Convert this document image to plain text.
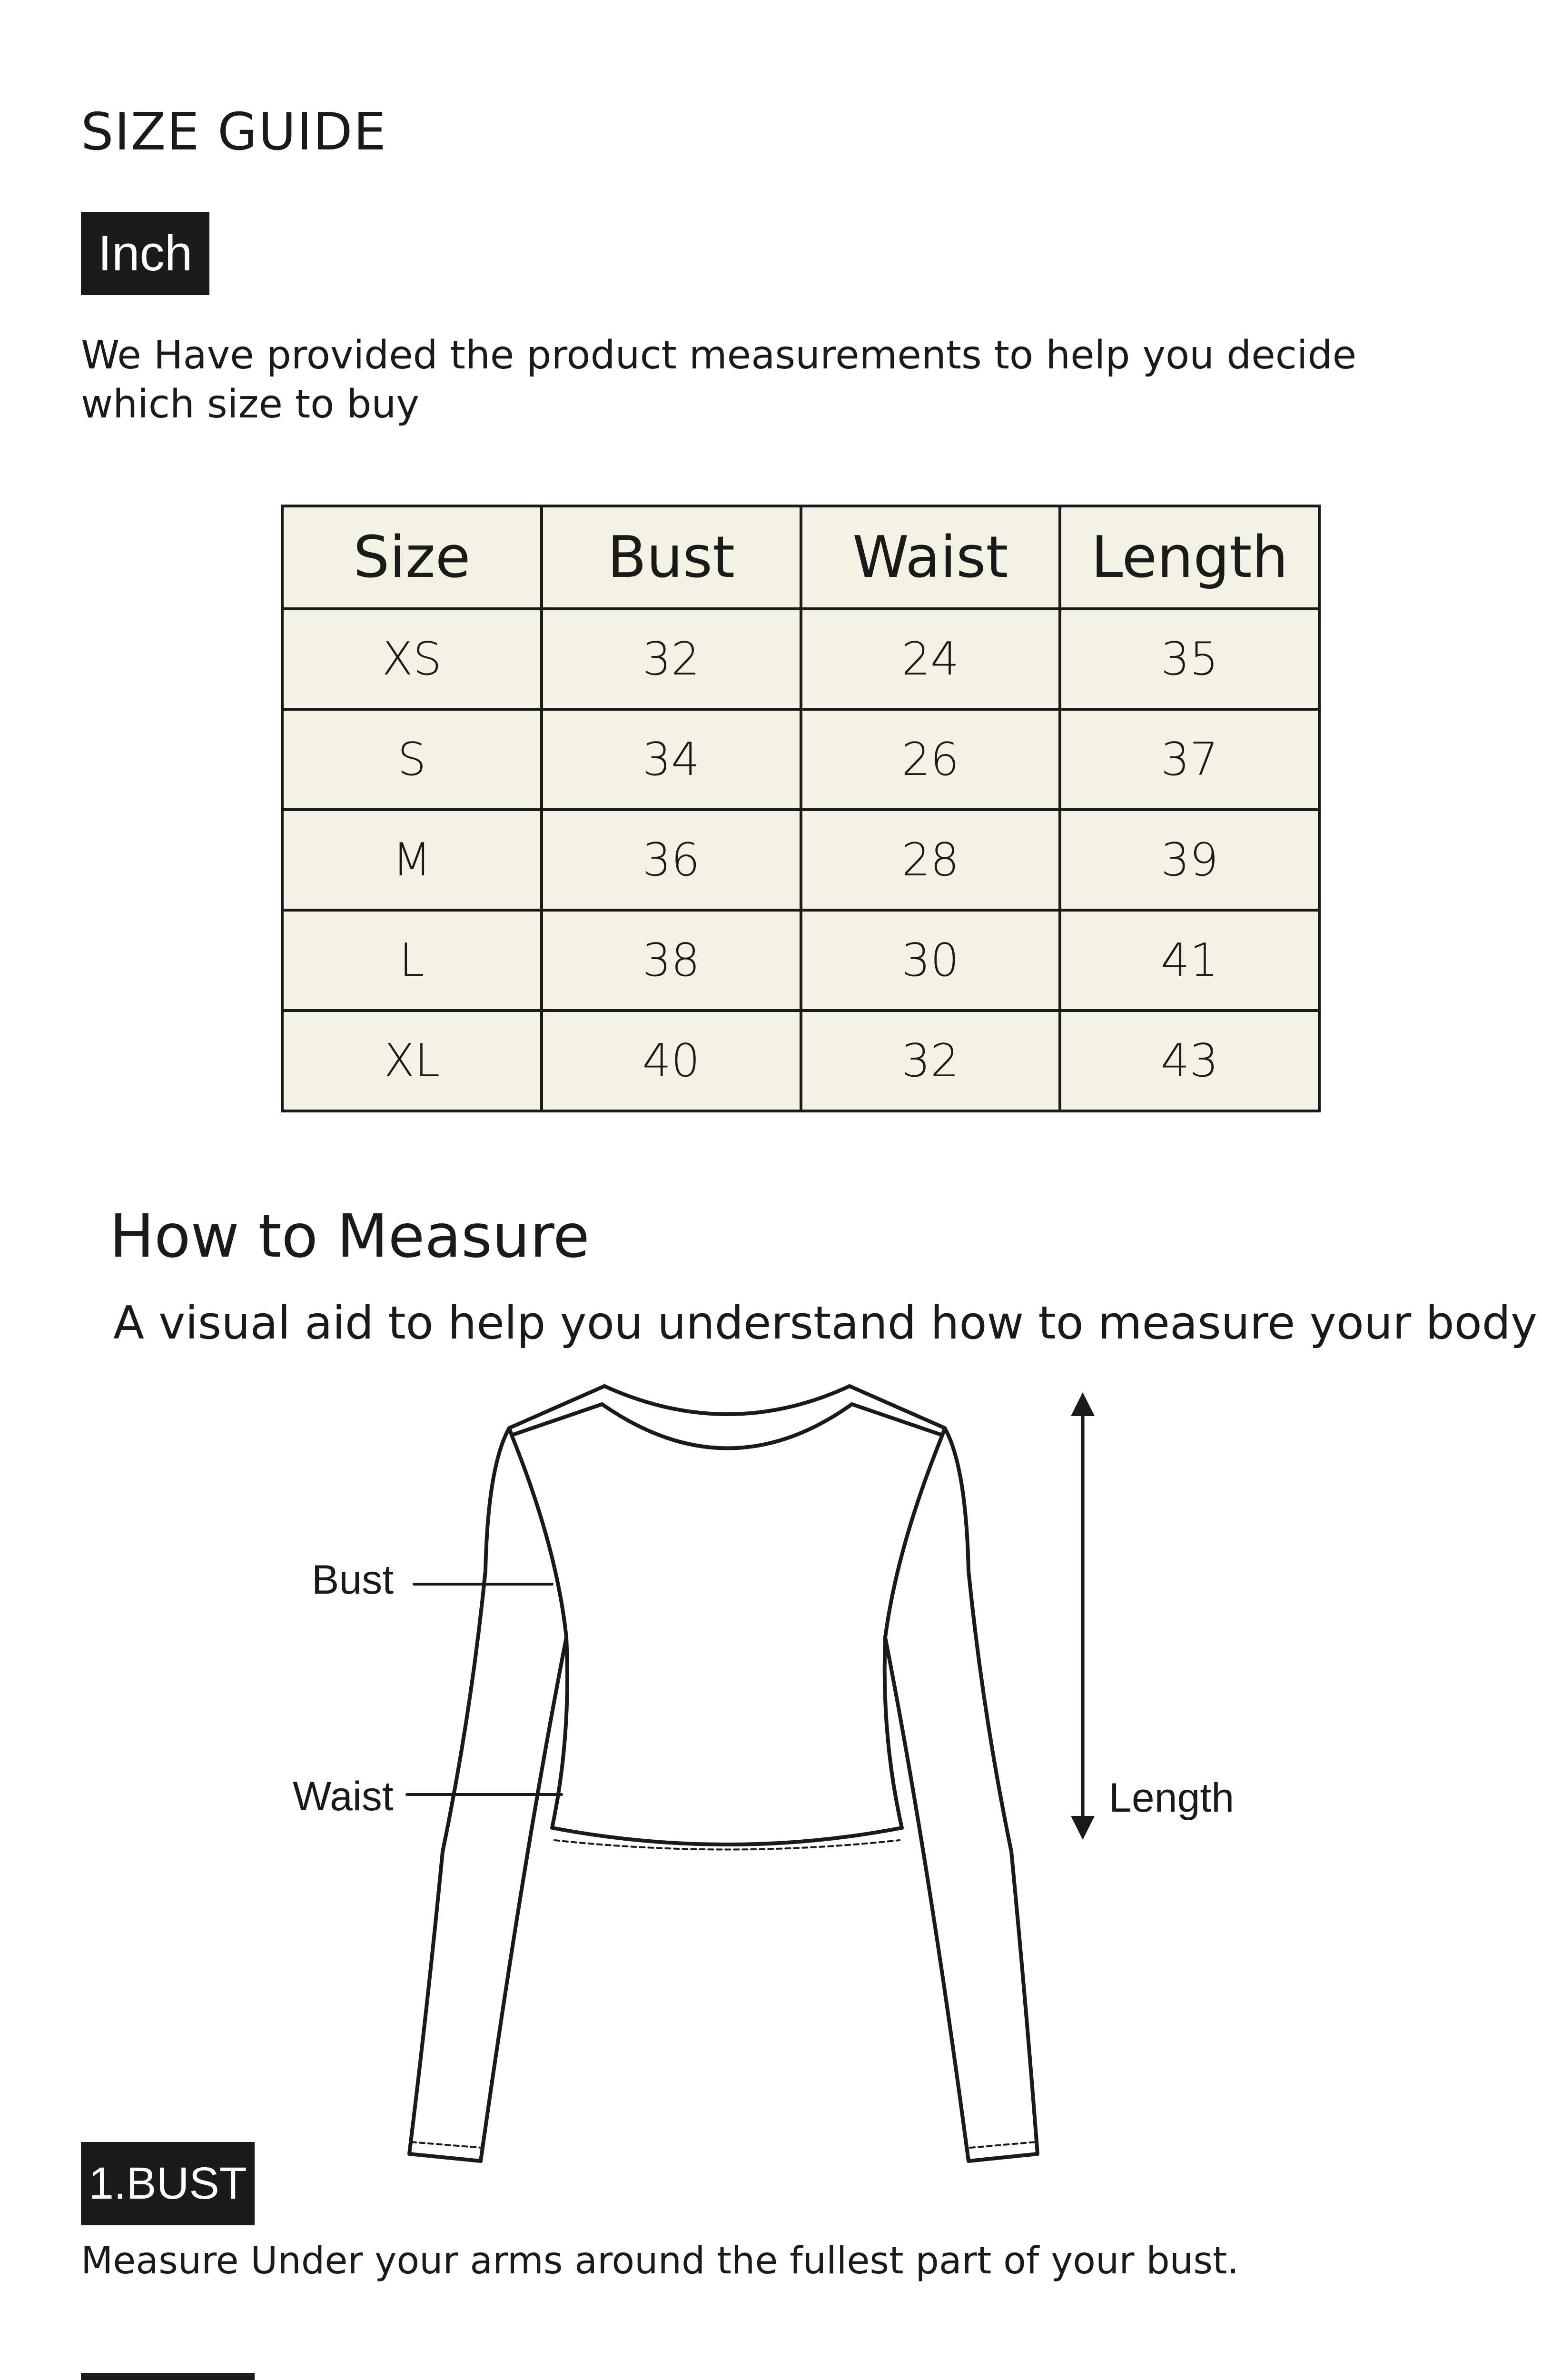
SIZE GUIDE
Inch
We Have provided the product measurements to help you decide which size to buy
Size	Bust	Waist	Length
XS	32	24	35
S	34	26	37
M	36	28	39
L	38	30	41
XL	40	32	43
How to Measure
A visual aid to help you understand how to measure your body
Bust
Waist	Length
1.BUST
Measure Under your arms around the fullest part of your bust.
